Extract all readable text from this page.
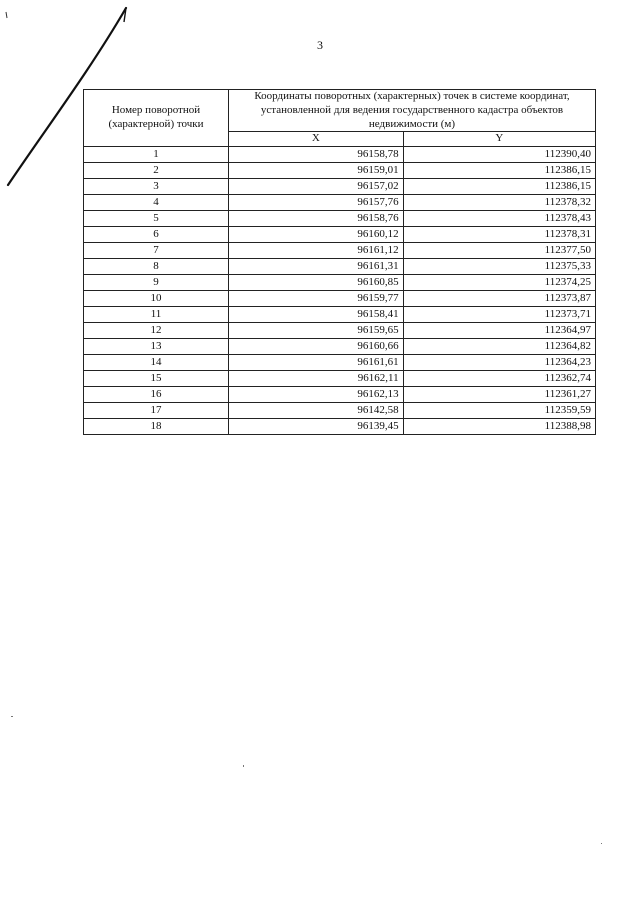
3
Номер поворотной (характерной) точки	Координаты поворотных (характерных) точек в системе координат, установленной для ведения государственного кадастра объектов недвижимости (м)	
	X	Y
1	96158,78	112390,40
2	96159,01	112386,15
3	96157,02	112386,15
4	96157,76	112378,32
5	96158,76	112378,43
6	96160,12	112378,31
7	96161,12	112377,50
8	96161,31	112375,33
9	96160,85	112374,25
10	96159,77	112373,87
11	96158,41	112373,71
12	96159,65	112364,97
13	96160,66	112364,82
14	96161,61	112364,23
15	96162,11	112362,74
16	96162,13	112361,27
17	96142,58	112359,59
18	96139,45	112388,98
